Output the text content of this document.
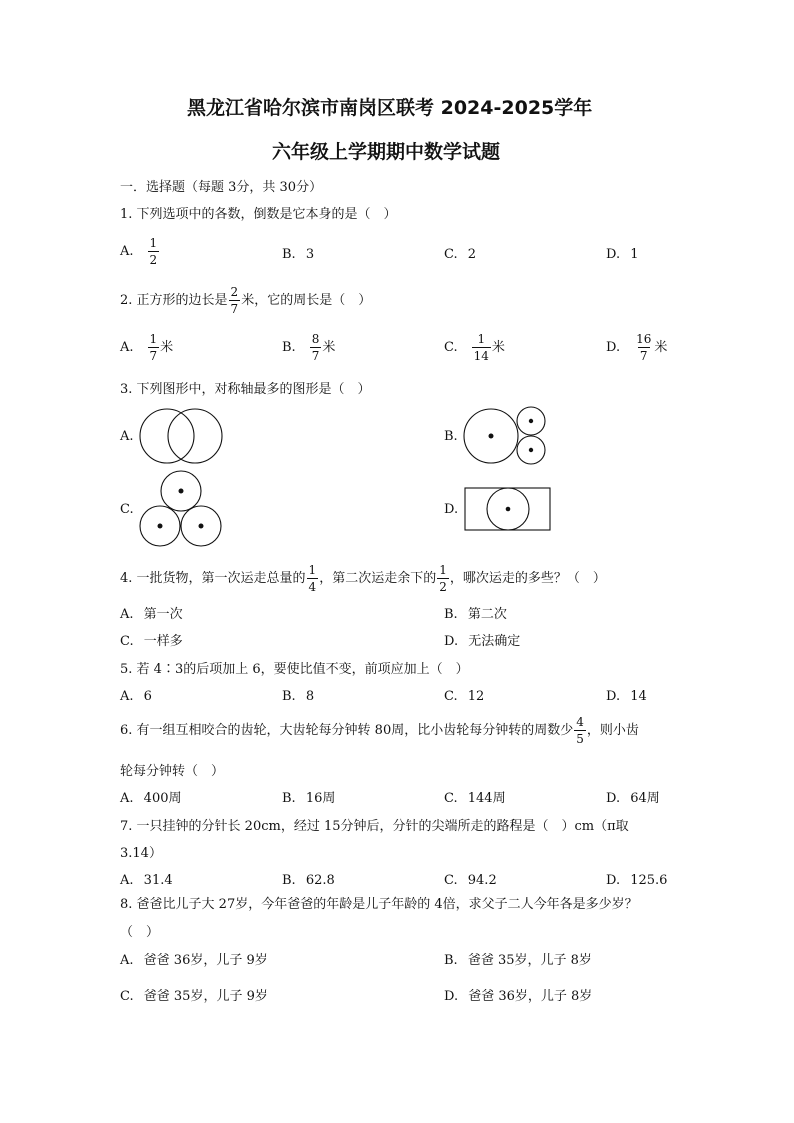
黑龙江省哈尔滨市南岗区联考 2024-2025学年
六年级上学期期中数学试题
一．选择题（每题 3分，共 30分）
1. 下列选项中的各数，倒数是它本身的是（　）
A. $\frac{1}{2}$	B. 3	C. 2	D. 1
2. 正方形的边长是 $\frac{2}{7}$ 米，它的周长是（　）
A. $\frac{1}{7}$ 米	B. $\frac{8}{7}$ 米	C. $\frac{1}{14}$ 米	D. $\frac{16}{7}$ 米
3. 下列图形中，对称轴最多的图形是（　）
A.	B.
C.	D.
4. 一批货物，第一次运走总量的 $\frac{1}{4}$ ，第二次运走余下的 $\frac{1}{2}$ ，哪次运走的多些？（　）
A. 第一次	B. 第二次
C. 一样多	D. 无法确定
5. 若 4∶3的后项加上 6，要使比值不变，前项应加上（　）
A. 6	B. 8	C. 12	D. 14
6. 有一组互相咬合的齿轮，大齿轮每分钟转 80周，比小齿轮每分钟转的周数少 $\frac{4}{5}$ ，则小齿
轮每分钟转（　）
A. 400周	B. 16周	C. 144周	D. 64周
7. 一只挂钟的分针长 20cm，经过 15分钟后，分针的尖端所走的路程是（　）cm（π取
3.14）
A. 31.4	B. 62.8	C. 94.2	D. 125.6
8. 爸爸比儿子大 27岁，今年爸爸的年龄是儿子年龄的 4倍，求父子二人今年各是多少岁？
（　）
A. 爸爸 36岁，儿子 9岁	B. 爸爸 35岁，儿子 8岁
C. 爸爸 35岁，儿子 9岁	D. 爸爸 36岁，儿子 8岁
